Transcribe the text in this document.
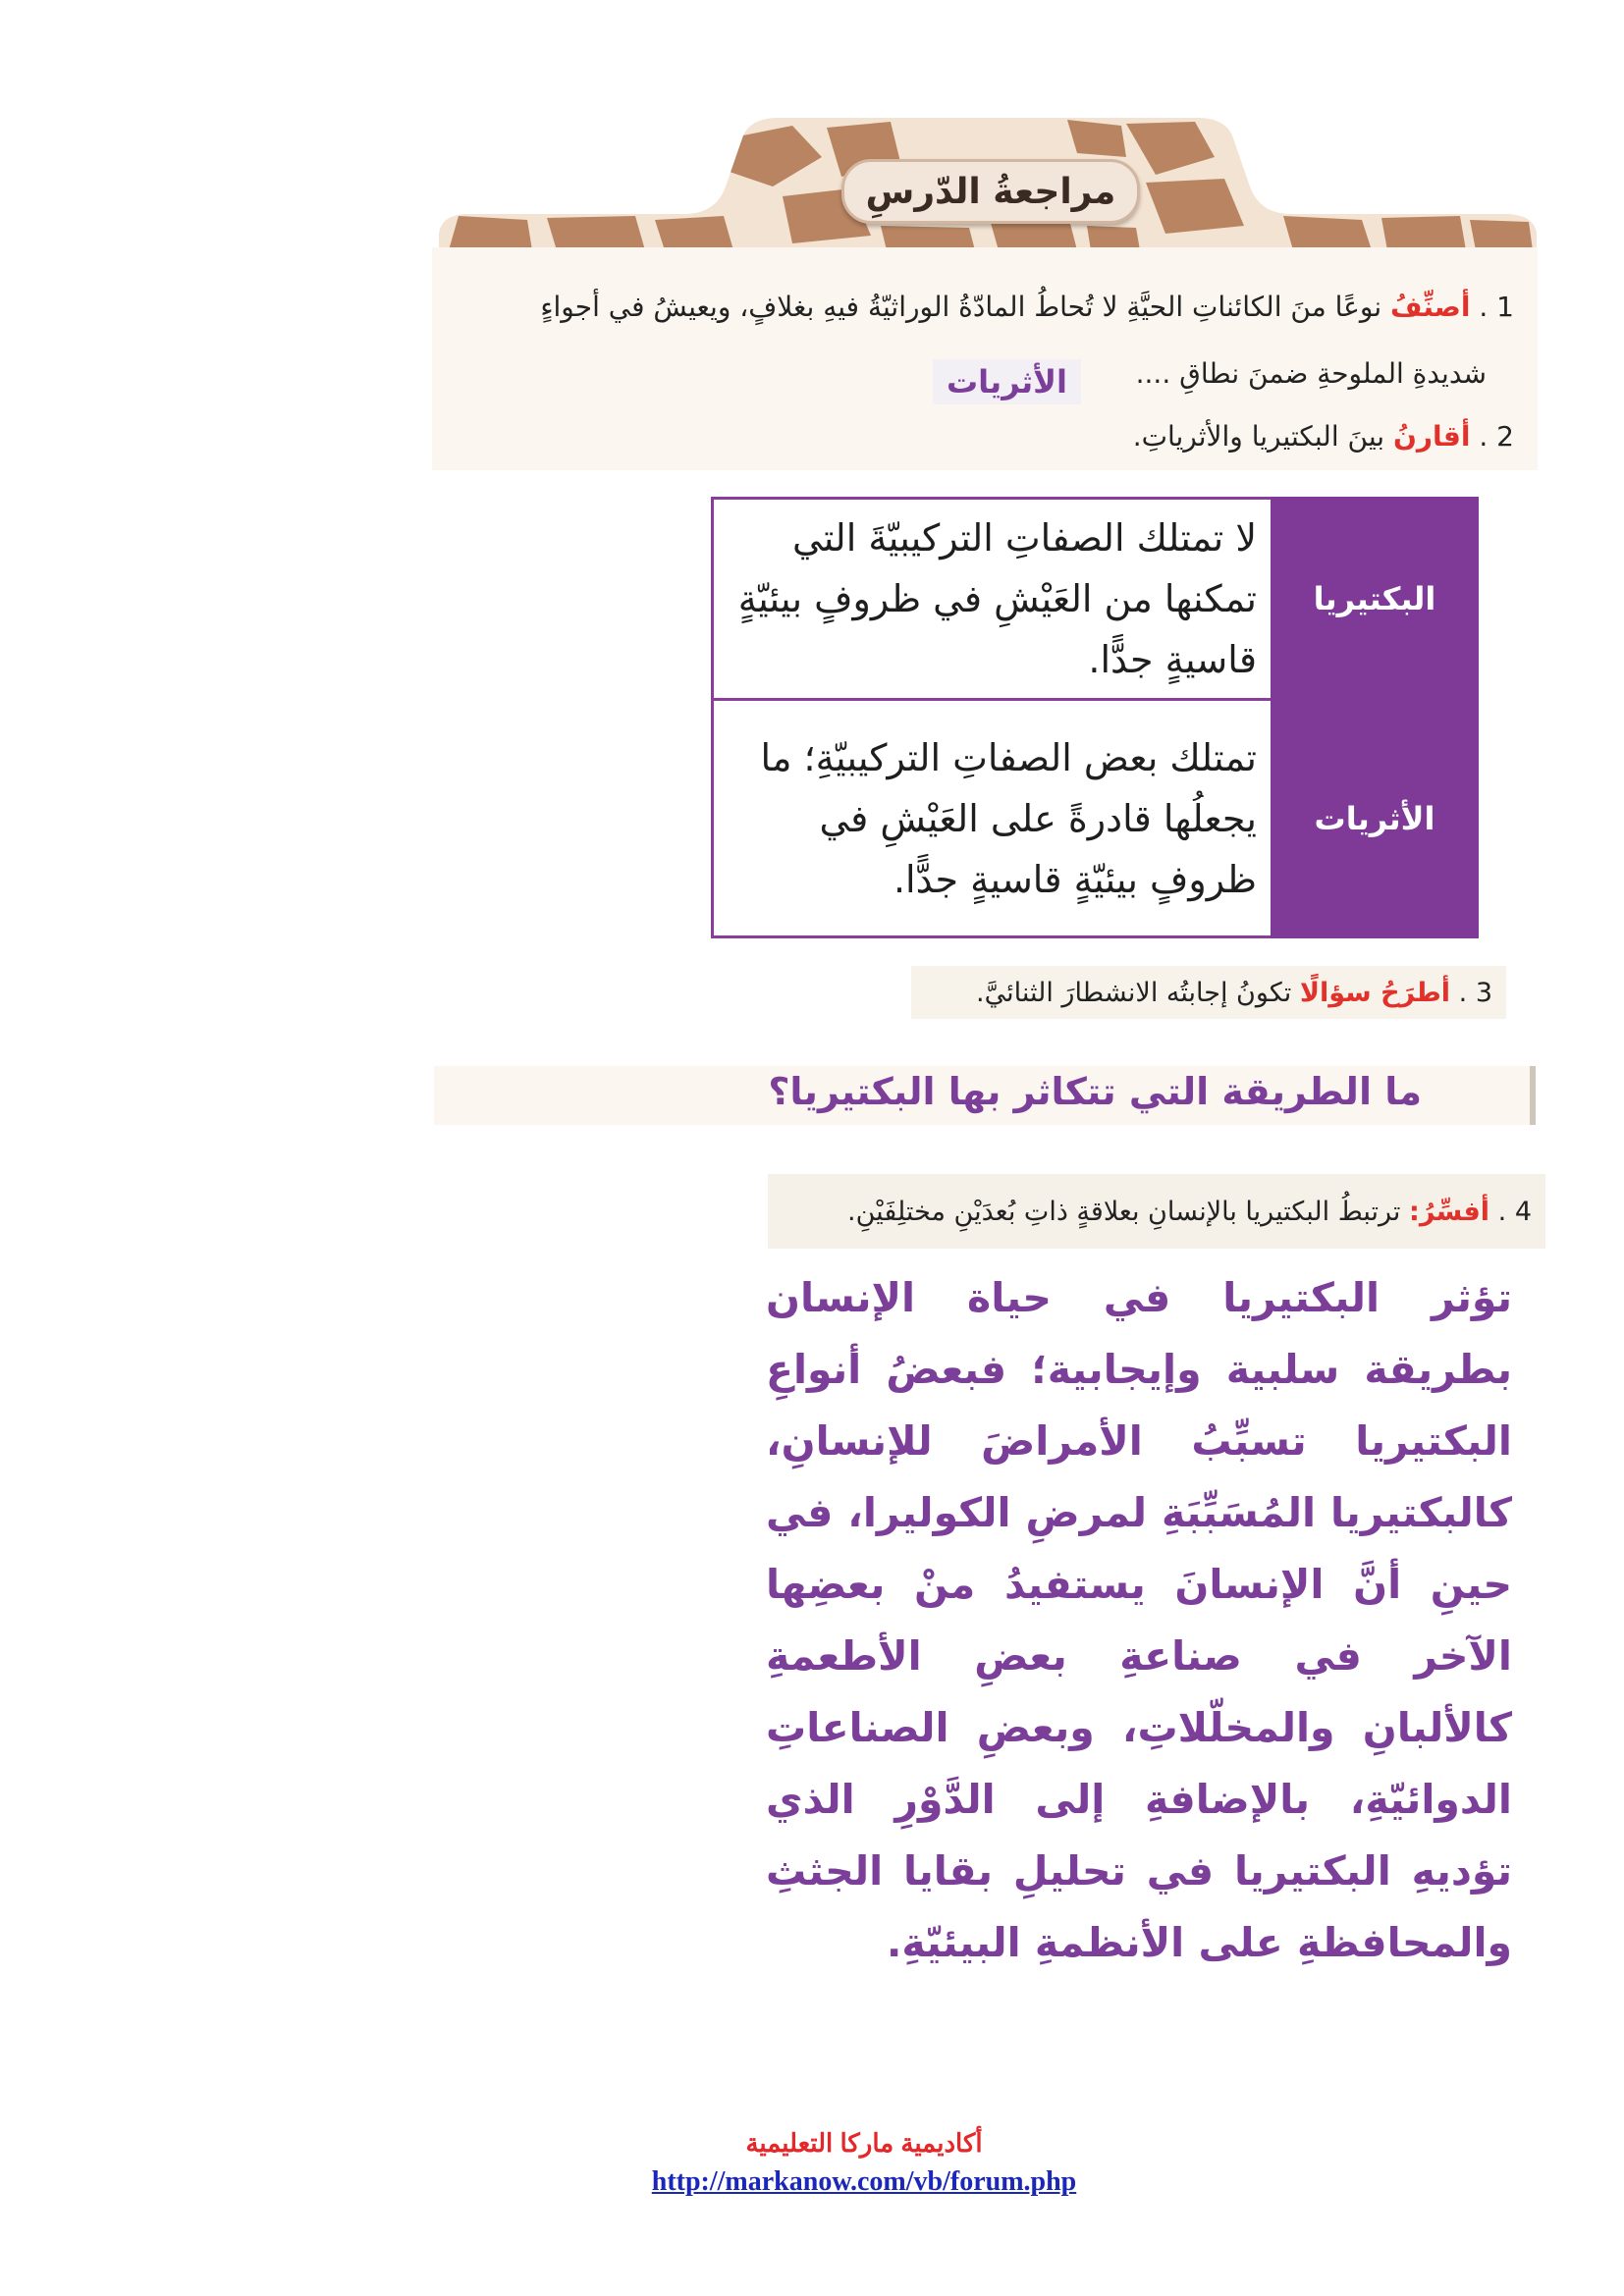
مراجعةُ الدّرسِ
1 . أصنِّفُ نوعًا منَ الكائناتِ الحيَّةِ لا تُحاطُ المادّةُ الوراثيّةُ فيهِ بغلافٍ، ويعيشُ في أجواءٍ
شديدةِ الملوحةِ ضمنَ نطاقِ ....
الأثريات
2 . أقارنُ بينَ البكتيريا والأثرياتِ.
البكتيريا	لا تمتلك الصفاتِ التركيبيّةَ التي تمكنها من العَيْشِ في ظروفٍ بيئيّةٍ قاسيةٍ جدًّا.
الأثريات	تمتلك بعض الصفاتِ التركيبيّةِ؛ ما يجعلُها قادرةً على العَيْشِ في ظروفٍ بيئيّةٍ قاسيةٍ جدًّا.
3 .

أطرَحُ سؤالًا

تكونُ إجابتُه الانشطارَ الثنائيَّ.
ما الطريقة التي تتكاثر بها البكتيريا؟
4 .

أفسِّرُ:

ترتبطُ البكتيريا بالإنسانِ بعلاقةٍ ذاتِ بُعدَيْنِ مختلِفَيْنِ.

تؤثر البكتيريا في حياة الإنسان بطريقة سلبية وإيجابية؛ فبعضُ أنواعِ البكتيريا تسبِّبُ الأمراضَ للإنسانِ، كالبكتيريا المُسَبِّبَةِ لمرضِ الكوليرا، في حينِ أنَّ الإنسانَ يستفيدُ منْ بعضِها الآخر في صناعةِ بعضِ الأطعمةِ كالألبانِ والمخلّلاتِ، وبعضِ الصناعاتِ الدوائيّةِ، بالإضافةِ إلى الدَّوْرِ الذي تؤديهِ البكتيريا في تحليلِ بقايا الجثثِ والمحافظةِ على الأنظمةِ البيئيّةِ.

أكاديمية ماركا التعليمية
http://markanow.com/vb/forum.php
